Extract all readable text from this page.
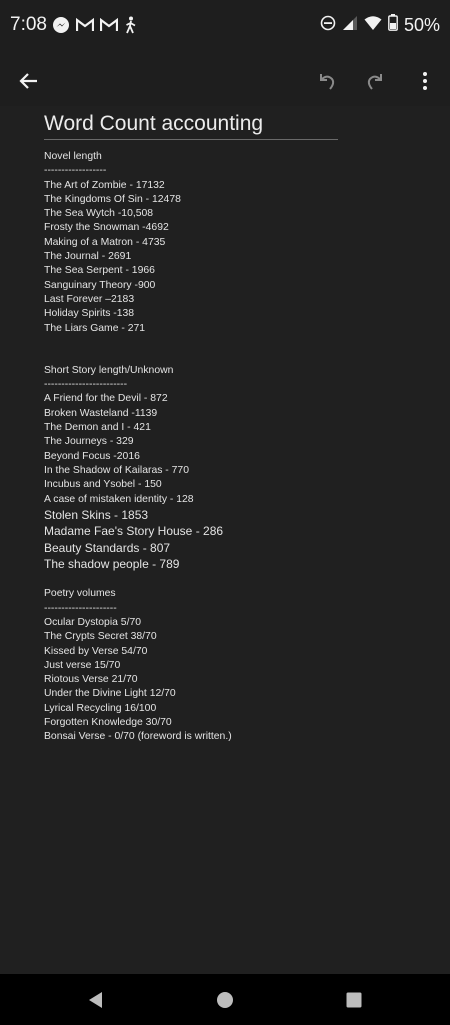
7:08	50%
Word Count accounting
Novel length
------------------
The Art of Zombie - 17132
The Kingdoms Of Sin - 12478
The Sea Wytch -10,508
Frosty the Snowman -4692
Making of a Matron - 4735
The Journal - 2691
The Sea Serpent - 1966
Sanguinary Theory -900
Last Forever –2183
Holiday Spirits -138
The Liars Game - 271
Short Story length/Unknown
------------------------
A Friend for the Devil - 872
Broken Wasteland -1139
The Demon and I - 421
The Journeys - 329
Beyond Focus -2016
In the Shadow of Kailaras - 770
Incubus and Ysobel - 150
A case of mistaken identity - 128
Stolen Skins - 1853
Madame Fae's Story House - 286
Beauty Standards - 807
The shadow people - 789
Poetry volumes
---------------------
Ocular Dystopia 5/70
The Crypts Secret 38/70
Kissed by Verse 54/70
Just verse 15/70
Riotous Verse 21/70
Under the Divine Light 12/70
Lyrical Recycling 16/100
Forgotten Knowledge 30/70
Bonsai Verse - 0/70 (foreword is written.)
